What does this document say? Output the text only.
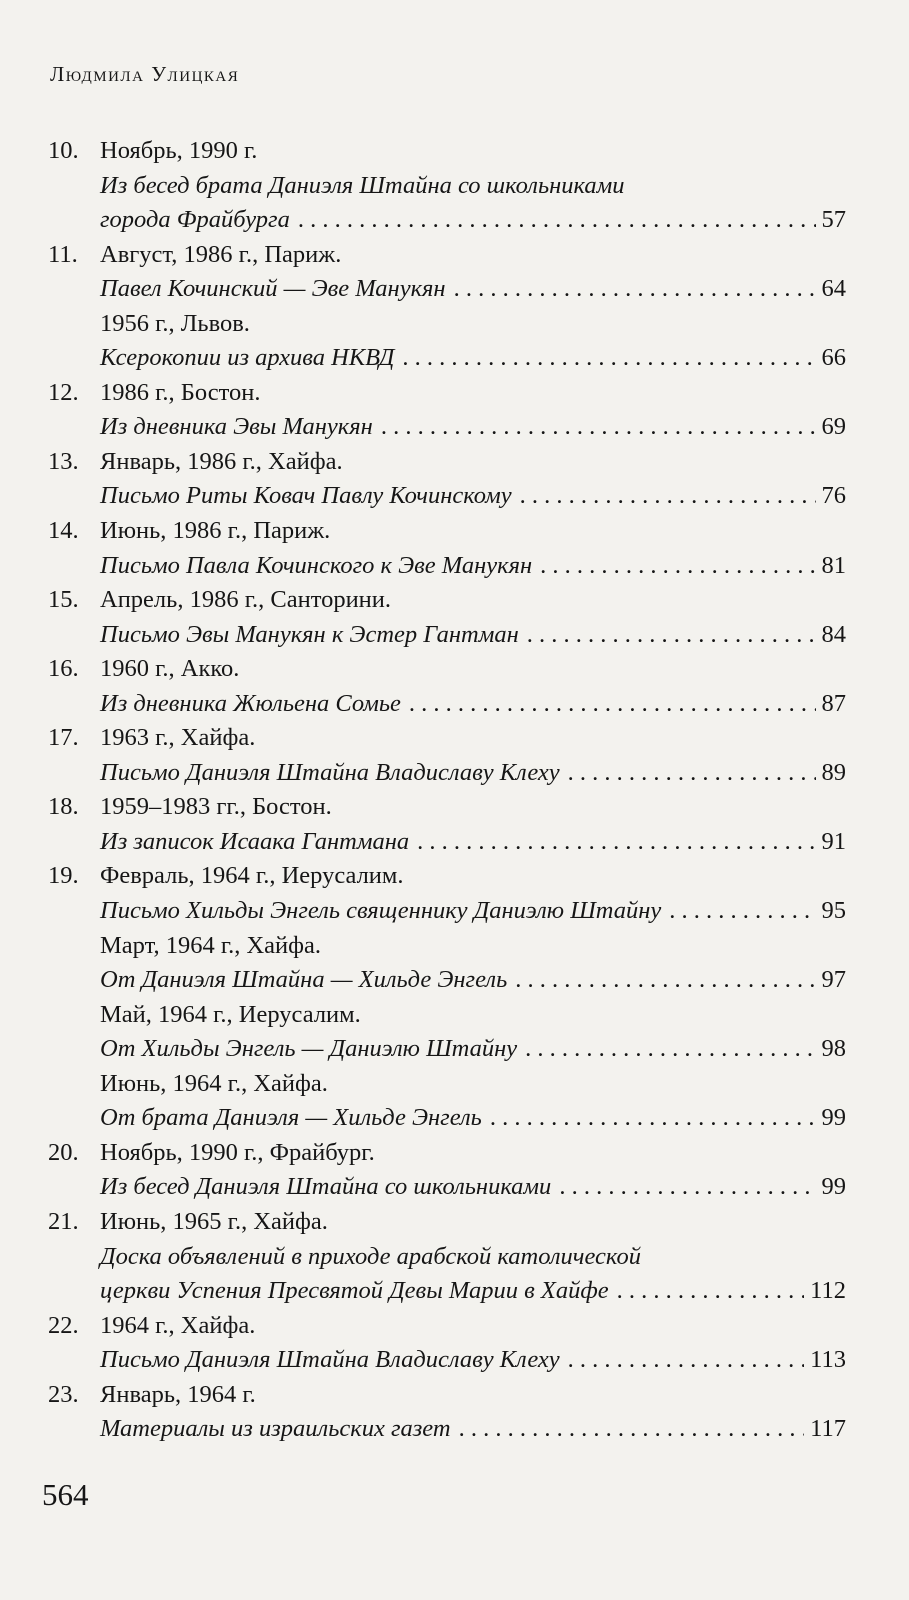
Людмила Улицкая
10. Ноябрь, 1990 г.
Из бесед брата Даниэля Штайна со школьниками
города Фрайбурга . . .	57
11. Август, 1986 г., Париж.
Павел Кочинский — Эве Манукян . . .	64
1956 г., Львов.
Ксерокопии из архива НКВД . . .	66
12. 1986 г., Бостон.
Из дневника Эвы Манукян . . .	69
13. Январь, 1986 г., Хайфа.
Письмо Риты Ковач Павлу Кочинскому . . .	76
14. Июнь, 1986 г., Париж.
Письмо Павла Кочинского к Эве Манукян . . .	81
15. Апрель, 1986 г., Санторини.
Письмо Эвы Манукян к Эстер Гантман . . .	84
16. 1960 г., Акко.
Из дневника Жюльена Сомье . . .	87
17. 1963 г., Хайфа.
Письмо Даниэля Штайна Владиславу Клеху . . .	89
18. 1959–1983 гг., Бостон.
Из записок Исаака Гантмана . . .	91
19. Февраль, 1964 г., Иерусалим.
Письмо Хильды Энгель священнику Даниэлю Штайну . . .	95
Март, 1964 г., Хайфа.
От Даниэля Штайна — Хильде Энгель . . .	97
Май, 1964 г., Иерусалим.
От Хильды Энгель — Даниэлю Штайну . . .	98
Июнь, 1964 г., Хайфа.
От брата Даниэля — Хильде Энгель . . .	99
20. Ноябрь, 1990 г., Фрайбург.
Из бесед Даниэля Штайна со школьниками . . .	99
21. Июнь, 1965 г., Хайфа.
Доска объявлений в приходе арабской католической
церкви Успения Пресвятой Девы Марии в Хайфе . . .	112
22. 1964 г., Хайфа.
Письмо Даниэля Штайна Владиславу Клеху . . .	113
23. Январь, 1964 г.
Материалы из израильских газет . . .	117
564
